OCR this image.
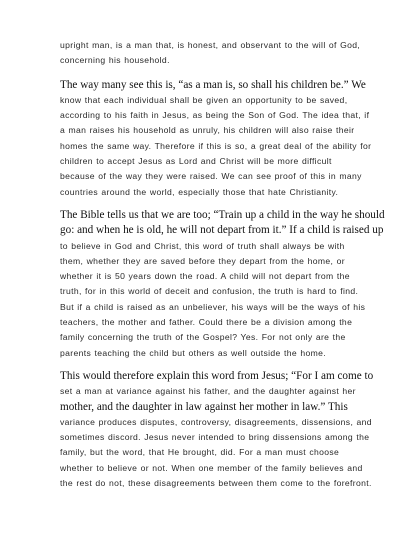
upright man, is a man that, is honest, and observant to the will of God,
concerning his household.

The way many see this is, “as a man is, so shall his children be.” We
know that each individual shall be given an opportunity to be saved,
according to his faith in Jesus, as being the Son of God. The idea that, if
a man raises his household as unruly, his children will also raise their
homes the same way. Therefore if this is so, a great deal of the ability for
children to accept Jesus as Lord and Christ will be more difficult
because of the way they were raised. We can see proof of this in many
countries around the world, especially those that hate Christianity.

The Bible tells us that we are too; “Train up a child in the way he should
go: and when he is old, he will not depart from it.” If a child is raised up
to believe in God and Christ, this word of truth shall always be with
them, whether they are saved before they depart from the home, or
whether it is 50 years down the road. A child will not depart from the
truth, for in this world of deceit and confusion, the truth is hard to find.
But if a child is raised as an unbeliever, his ways will be the ways of his
teachers, the mother and father. Could there be a division among the
family concerning the truth of the Gospel? Yes. For not only are the
parents teaching the child but others as well outside the home.

This would therefore explain this word from Jesus; “For I am come to
set a man at variance against his father, and the daughter against her
mother, and the daughter in law against her mother in law.” This
variance produces disputes, controversy, disagreements, dissensions, and
sometimes discord. Jesus never intended to bring dissensions among the
family, but the word, that He brought, did. For a man must choose
whether to believe or not. When one member of the family believes and
the rest do not, these disagreements between them come to the forefront.
